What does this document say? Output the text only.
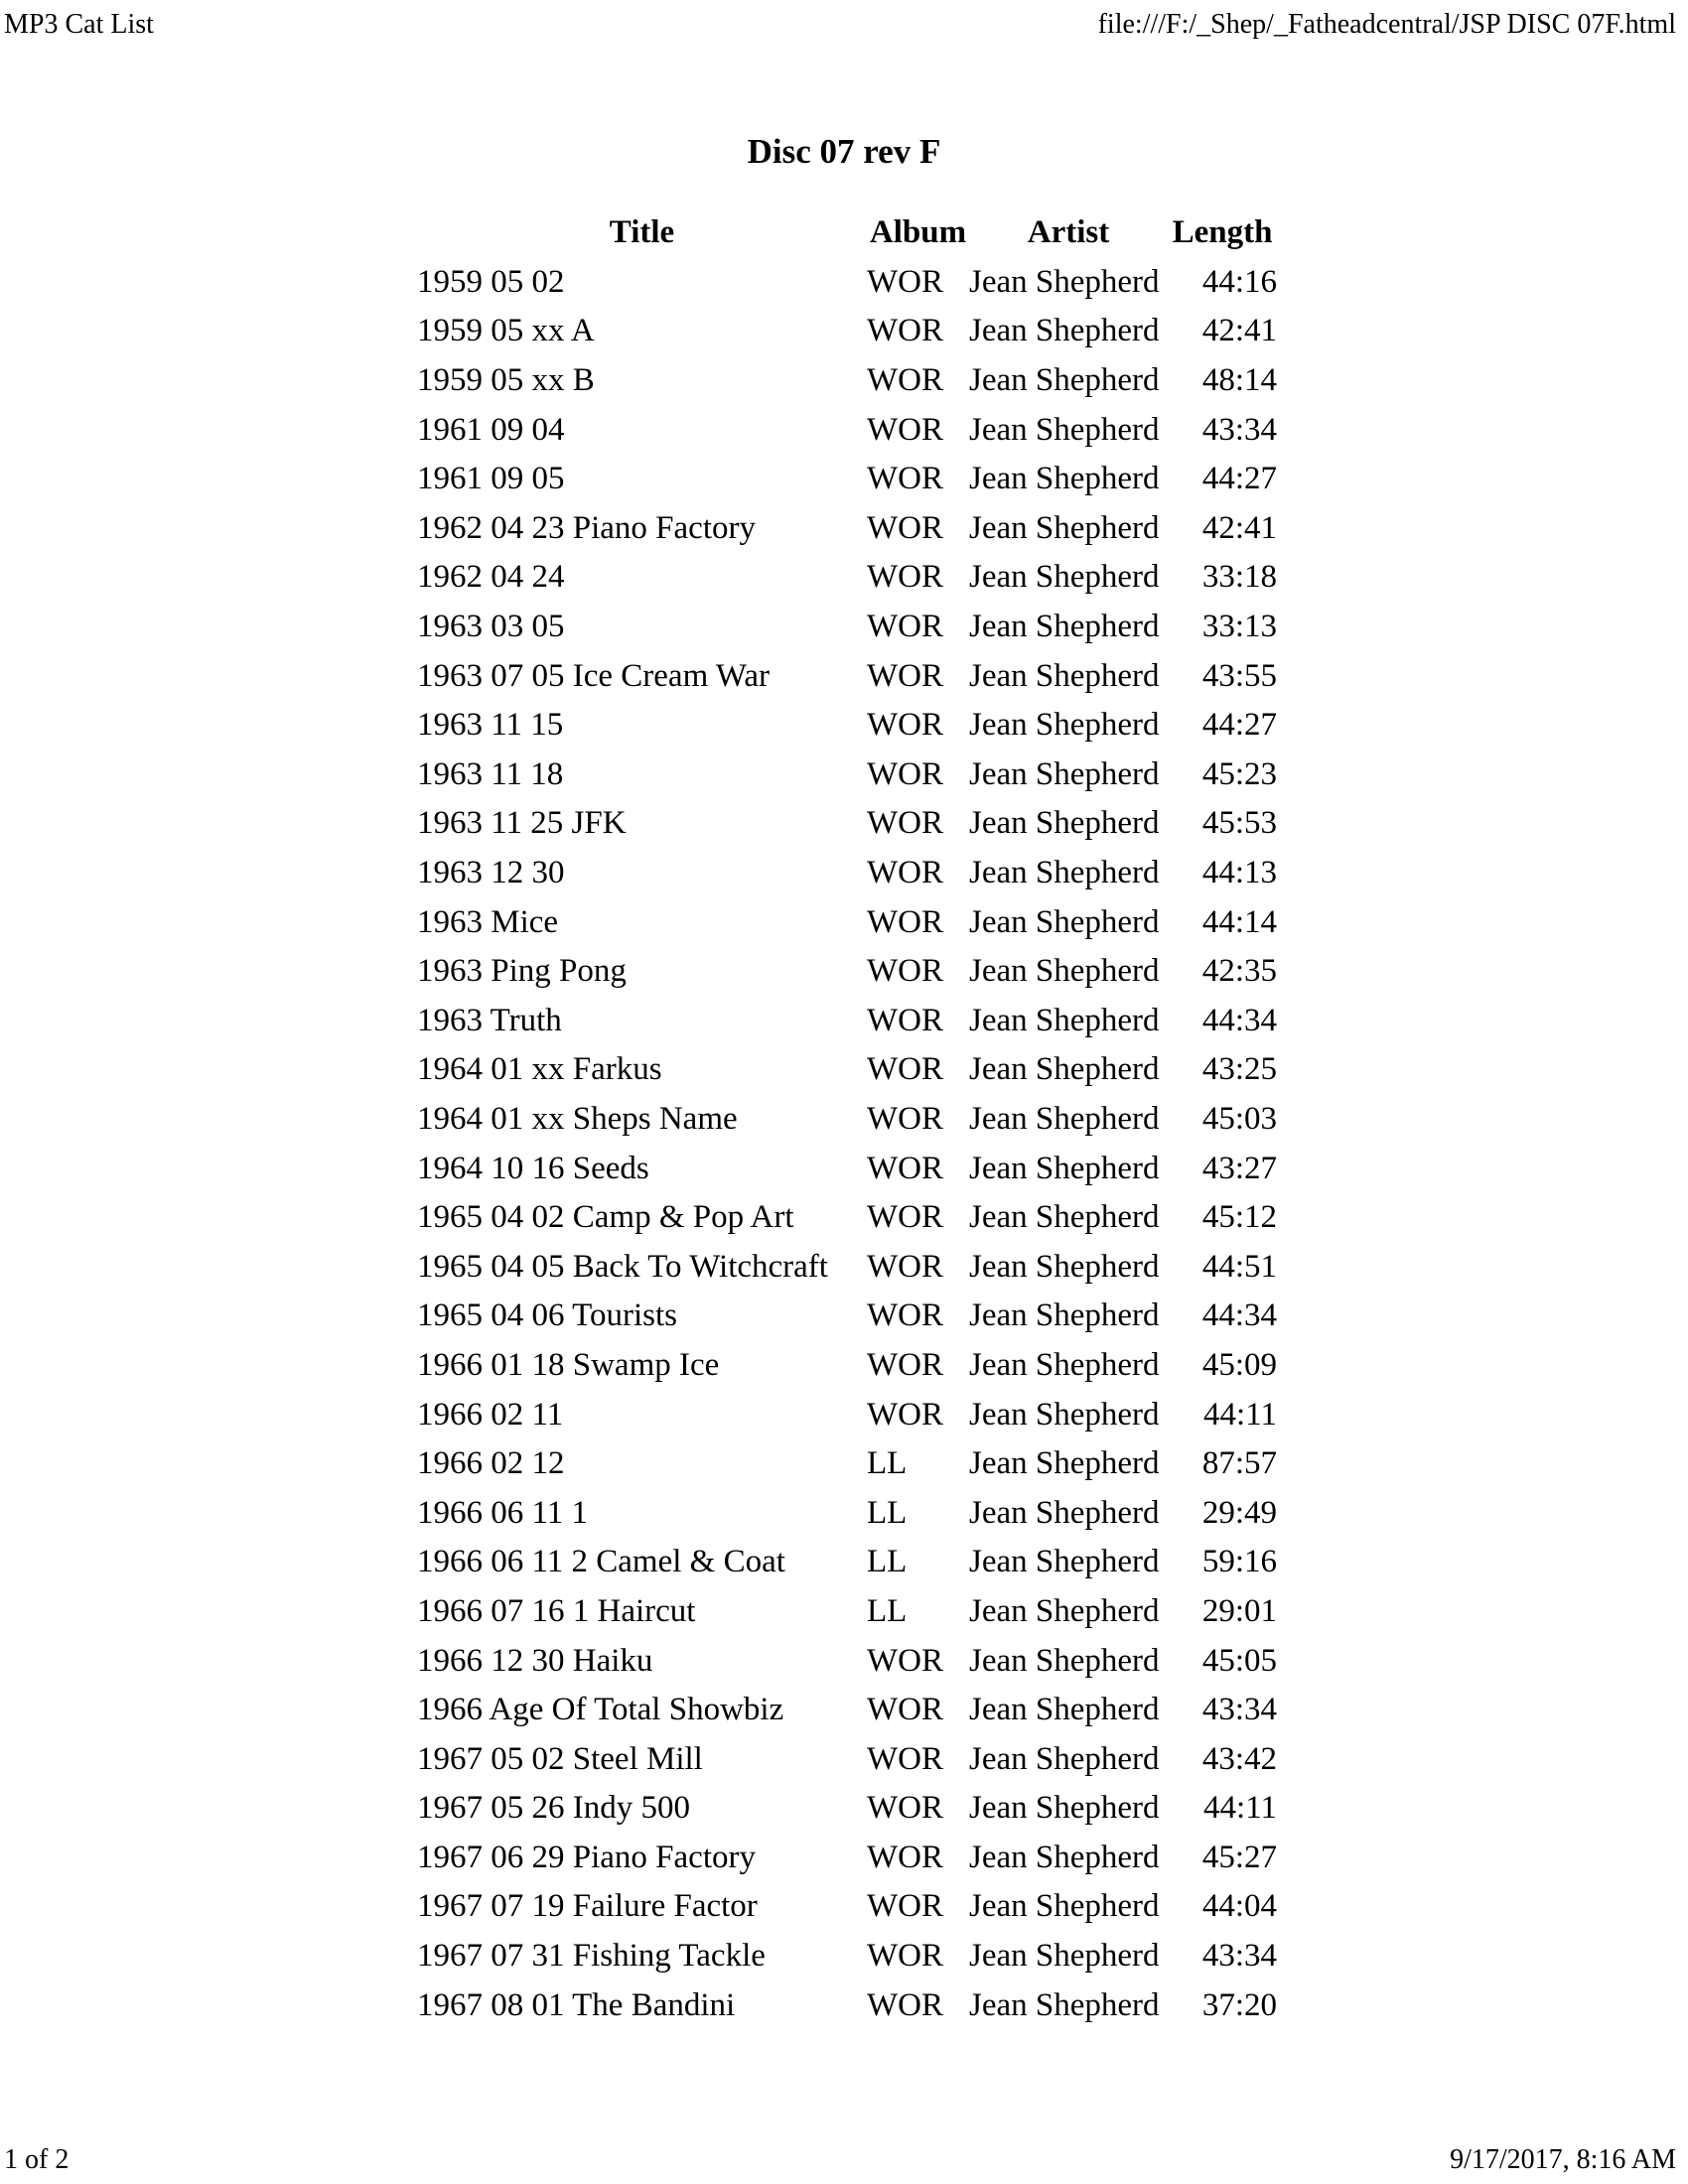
MP3 Cat List	file:///F:/_Shep/_Fatheadcentral/JSP DISC 07F.html
Disc 07 rev F
Title	Album	Artist	Length
1959 05 02	WOR	Jean Shepherd	44:16
1959 05 xx A	WOR	Jean Shepherd	42:41
1959 05 xx B	WOR	Jean Shepherd	48:14
1961 09 04	WOR	Jean Shepherd	43:34
1961 09 05	WOR	Jean Shepherd	44:27
1962 04 23 Piano Factory	WOR	Jean Shepherd	42:41
1962 04 24	WOR	Jean Shepherd	33:18
1963 03 05	WOR	Jean Shepherd	33:13
1963 07 05 Ice Cream War	WOR	Jean Shepherd	43:55
1963 11 15	WOR	Jean Shepherd	44:27
1963 11 18	WOR	Jean Shepherd	45:23
1963 11 25 JFK	WOR	Jean Shepherd	45:53
1963 12 30	WOR	Jean Shepherd	44:13
1963 Mice	WOR	Jean Shepherd	44:14
1963 Ping Pong	WOR	Jean Shepherd	42:35
1963 Truth	WOR	Jean Shepherd	44:34
1964 01 xx Farkus	WOR	Jean Shepherd	43:25
1964 01 xx Sheps Name	WOR	Jean Shepherd	45:03
1964 10 16 Seeds	WOR	Jean Shepherd	43:27
1965 04 02 Camp & Pop Art	WOR	Jean Shepherd	45:12
1965 04 05 Back To Witchcraft	WOR	Jean Shepherd	44:51
1965 04 06 Tourists	WOR	Jean Shepherd	44:34
1966 01 18 Swamp Ice	WOR	Jean Shepherd	45:09
1966 02 11	WOR	Jean Shepherd	44:11
1966 02 12	LL	Jean Shepherd	87:57
1966 06 11 1	LL	Jean Shepherd	29:49
1966 06 11 2 Camel & Coat	LL	Jean Shepherd	59:16
1966 07 16 1 Haircut	LL	Jean Shepherd	29:01
1966 12 30 Haiku	WOR	Jean Shepherd	45:05
1966 Age Of Total Showbiz	WOR	Jean Shepherd	43:34
1967 05 02 Steel Mill	WOR	Jean Shepherd	43:42
1967 05 26 Indy 500	WOR	Jean Shepherd	44:11
1967 06 29 Piano Factory	WOR	Jean Shepherd	45:27
1967 07 19 Failure Factor	WOR	Jean Shepherd	44:04
1967 07 31 Fishing Tackle	WOR	Jean Shepherd	43:34
1967 08 01 The Bandini	WOR	Jean Shepherd	37:20
1 of 2	9/17/2017, 8:16 AM
